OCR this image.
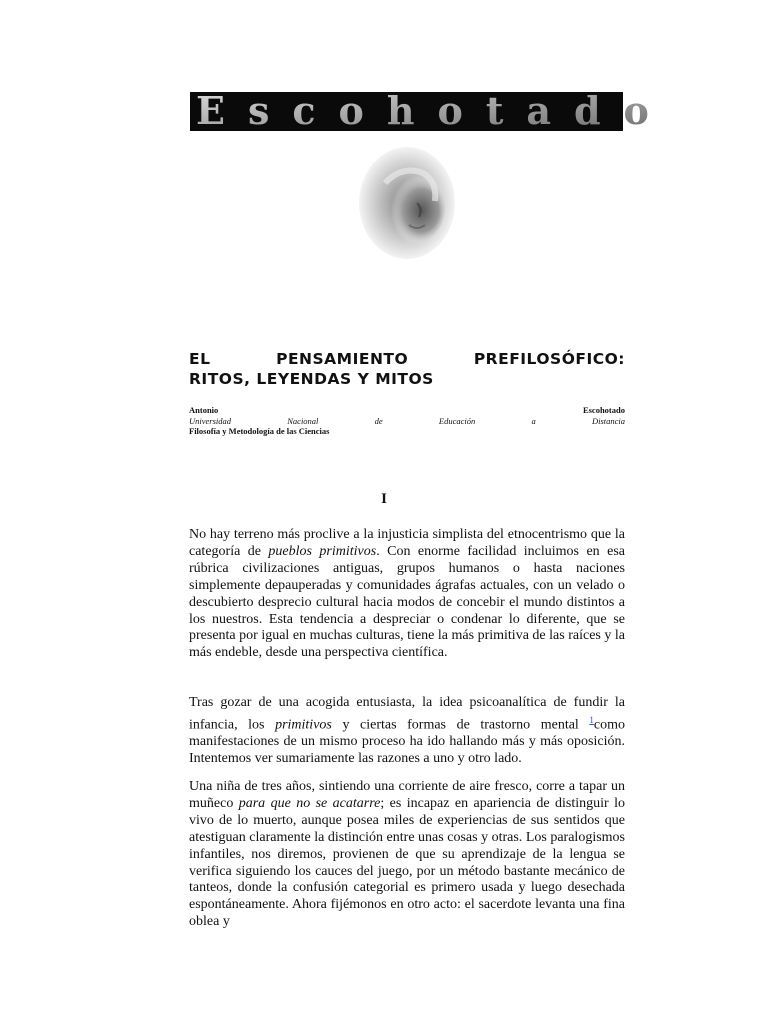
Escohotado
EL	PENSAMIENTO	PREFILOSÓFICO:
RITOS, LEYENDAS Y MITOS
Antonio	Escohotado
Universidad	Nacional	de	Educación	a	Distancia
Filosofía y Metodología de las Ciencias
I
No hay terreno más proclive a la injusticia simplista del etnocentrismo que la categoría de pueblos primitivos. Con enorme facilidad incluimos en esa rúbrica civilizaciones antiguas, grupos humanos o hasta naciones simplemente depauperadas y comunidades ágrafas actuales, con un velado o descubierto desprecio cultural hacia modos de concebir el mundo distintos a los nuestros. Esta tendencia a despreciar o condenar lo diferente, que se presenta por igual en muchas culturas, tiene la más primitiva de las raíces y la más endeble, desde una perspectiva científica.
Tras gozar de una acogida entusiasta, la idea psicoanalítica de fundir la infancia, los primitivos y ciertas formas de trastorno mental $^1$como manifestaciones de un mismo proceso ha ido hallando más y más oposición. Intentemos ver sumariamente las razones a uno y otro lado.
Una niña de tres años, sintiendo una corriente de aire fresco, corre a tapar un muñeco para que no se acatarre; es incapaz en apariencia de distinguir lo vivo de lo muerto, aunque posea miles de experiencias de sus sentidos que atestiguan claramente la distinción entre unas cosas y otras. Los paralogismos infantiles, nos diremos, provienen de que su aprendizaje de la lengua se verifica siguiendo los cauces del juego, por un método bastante mecánico de tanteos, donde la confusión categorial es primero usada y luego desechada espontáneamente. Ahora fijémonos en otro acto: el sacerdote levanta una fina oblea y
